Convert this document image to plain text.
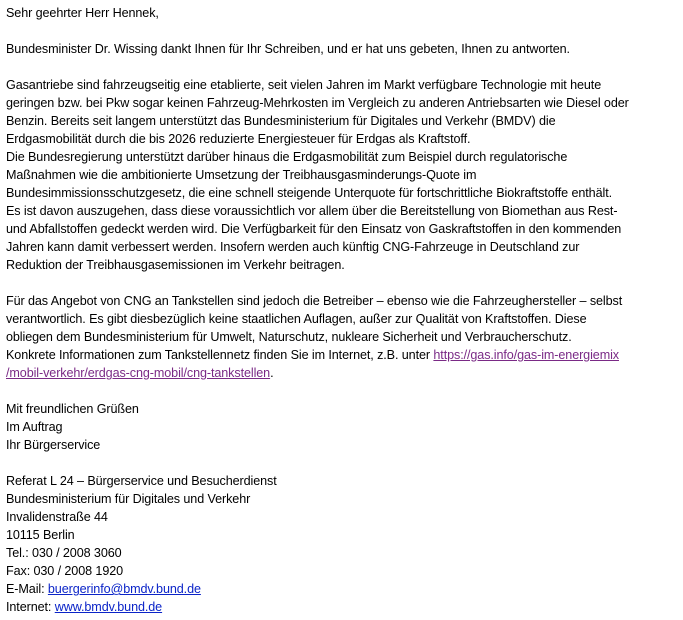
Sehr geehrter Herr Hennek,
Bundesminister Dr. Wissing dankt Ihnen für Ihr Schreiben, und er hat uns gebeten, Ihnen zu antworten.
Gasantriebe sind fahrzeugseitig eine etablierte, seit vielen Jahren im Markt verfügbare Technologie mit heute
geringen bzw. bei Pkw sogar keinen Fahrzeug-Mehrkosten im Vergleich zu anderen Antriebsarten wie Diesel oder
Benzin. Bereits seit langem unterstützt das Bundesministerium für Digitales und Verkehr (BMDV) die
Erdgasmobilität durch die bis 2026 reduzierte Energiesteuer für Erdgas als Kraftstoff.
Die Bundesregierung unterstützt darüber hinaus die Erdgasmobilität zum Beispiel durch regulatorische
Maßnahmen wie die ambitionierte Umsetzung der Treibhausgasminderungs-Quote im
Bundesimmissionsschutzgesetz, die eine schnell steigende Unterquote für fortschrittliche Biokraftstoffe enthält.
Es ist davon auszugehen, dass diese voraussichtlich vor allem über die Bereitstellung von Biomethan aus Rest-
und Abfallstoffen gedeckt werden wird. Die Verfügbarkeit für den Einsatz von Gaskraftstoffen in den kommenden
Jahren kann damit verbessert werden. Insofern werden auch künftig CNG-Fahrzeuge in Deutschland zur
Reduktion der Treibhausgasemissionen im Verkehr beitragen.
Für das Angebot von CNG an Tankstellen sind jedoch die Betreiber – ebenso wie die Fahrzeughersteller – selbst
verantwortlich. Es gibt diesbezüglich keine staatlichen Auflagen, außer zur Qualität von Kraftstoffen. Diese
obliegen dem Bundesministerium für Umwelt, Naturschutz, nukleare Sicherheit und Verbraucherschutz.
Konkrete Informationen zum Tankstellennetz finden Sie im Internet, z.B. unter https://gas.info/gas-im-energiemix
/mobil-verkehr/erdgas-cng-mobil/cng-tankstellen.
Mit freundlichen Grüßen
Im Auftrag
Ihr Bürgerservice
Referat L 24 – Bürgerservice und Besucherdienst
Bundesministerium für Digitales und Verkehr
Invalidenstraße 44
10115 Berlin
Tel.: 030 / 2008 3060
Fax: 030 / 2008 1920
E-Mail: buergerinfo@bmdv.bund.de
Internet: www.bmdv.bund.de
